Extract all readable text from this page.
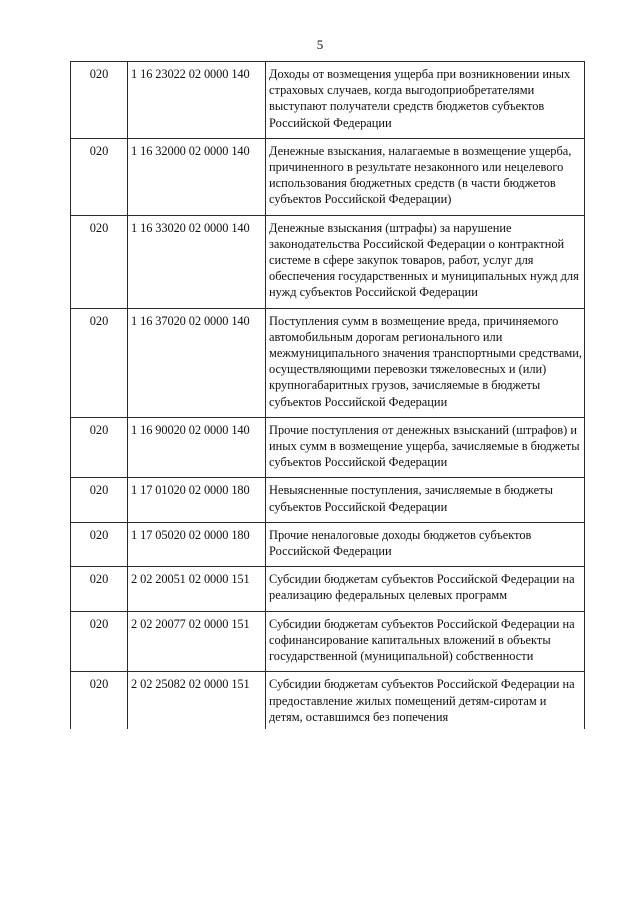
5
020	1 16 23022 02 0000 140	Доходы от возмещения ущерба при возникновении иных страховых случаев, когда выгодоприобретателями выступают получатели средств бюджетов субъектов Российской Федерации
020	1 16 32000 02 0000 140	Денежные взыскания, налагаемые в возмещение ущерба, причиненного в результате незаконного или нецелевого использования бюджетных средств (в части бюджетов субъектов Российской Федерации)
020	1 16 33020 02 0000 140	Денежные взыскания (штрафы) за нарушение законодательства Российской Федерации о контрактной системе в сфере закупок товаров, работ, услуг для обеспечения государственных и муниципальных нужд для нужд субъектов Российской Федерации
020	1 16 37020 02 0000 140	Поступления сумм в возмещение вреда, причиняемого автомобильным дорогам регионального или межмуниципального значения транспортными средствами, осуществляющими перевозки тяжеловесных и (или) крупногабаритных грузов, зачисляемые в бюджеты субъектов Российской Федерации
020	1 16 90020 02 0000 140	Прочие поступления от денежных взысканий (штрафов) и иных сумм в возмещение ущерба, зачисляемые в бюджеты субъектов Российской Федерации
020	1 17 01020 02 0000 180	Невыясненные поступления, зачисляемые в бюджеты субъектов Российской Федерации
020	1 17 05020 02 0000 180	Прочие неналоговые доходы бюджетов субъектов Российской Федерации
020	2 02 20051 02 0000 151	Субсидии бюджетам субъектов Российской Федерации на реализацию федеральных целевых программ
020	2 02 20077 02 0000 151	Субсидии бюджетам субъектов Российской Федерации на софинансирование капитальных вложений в объекты государственной (муниципальной) собственности
020	2 02 25082 02 0000 151	Субсидии бюджетам субъектов Российской Федерации на предоставление жилых помещений детям-сиротам и детям, оставшимся без попечения
